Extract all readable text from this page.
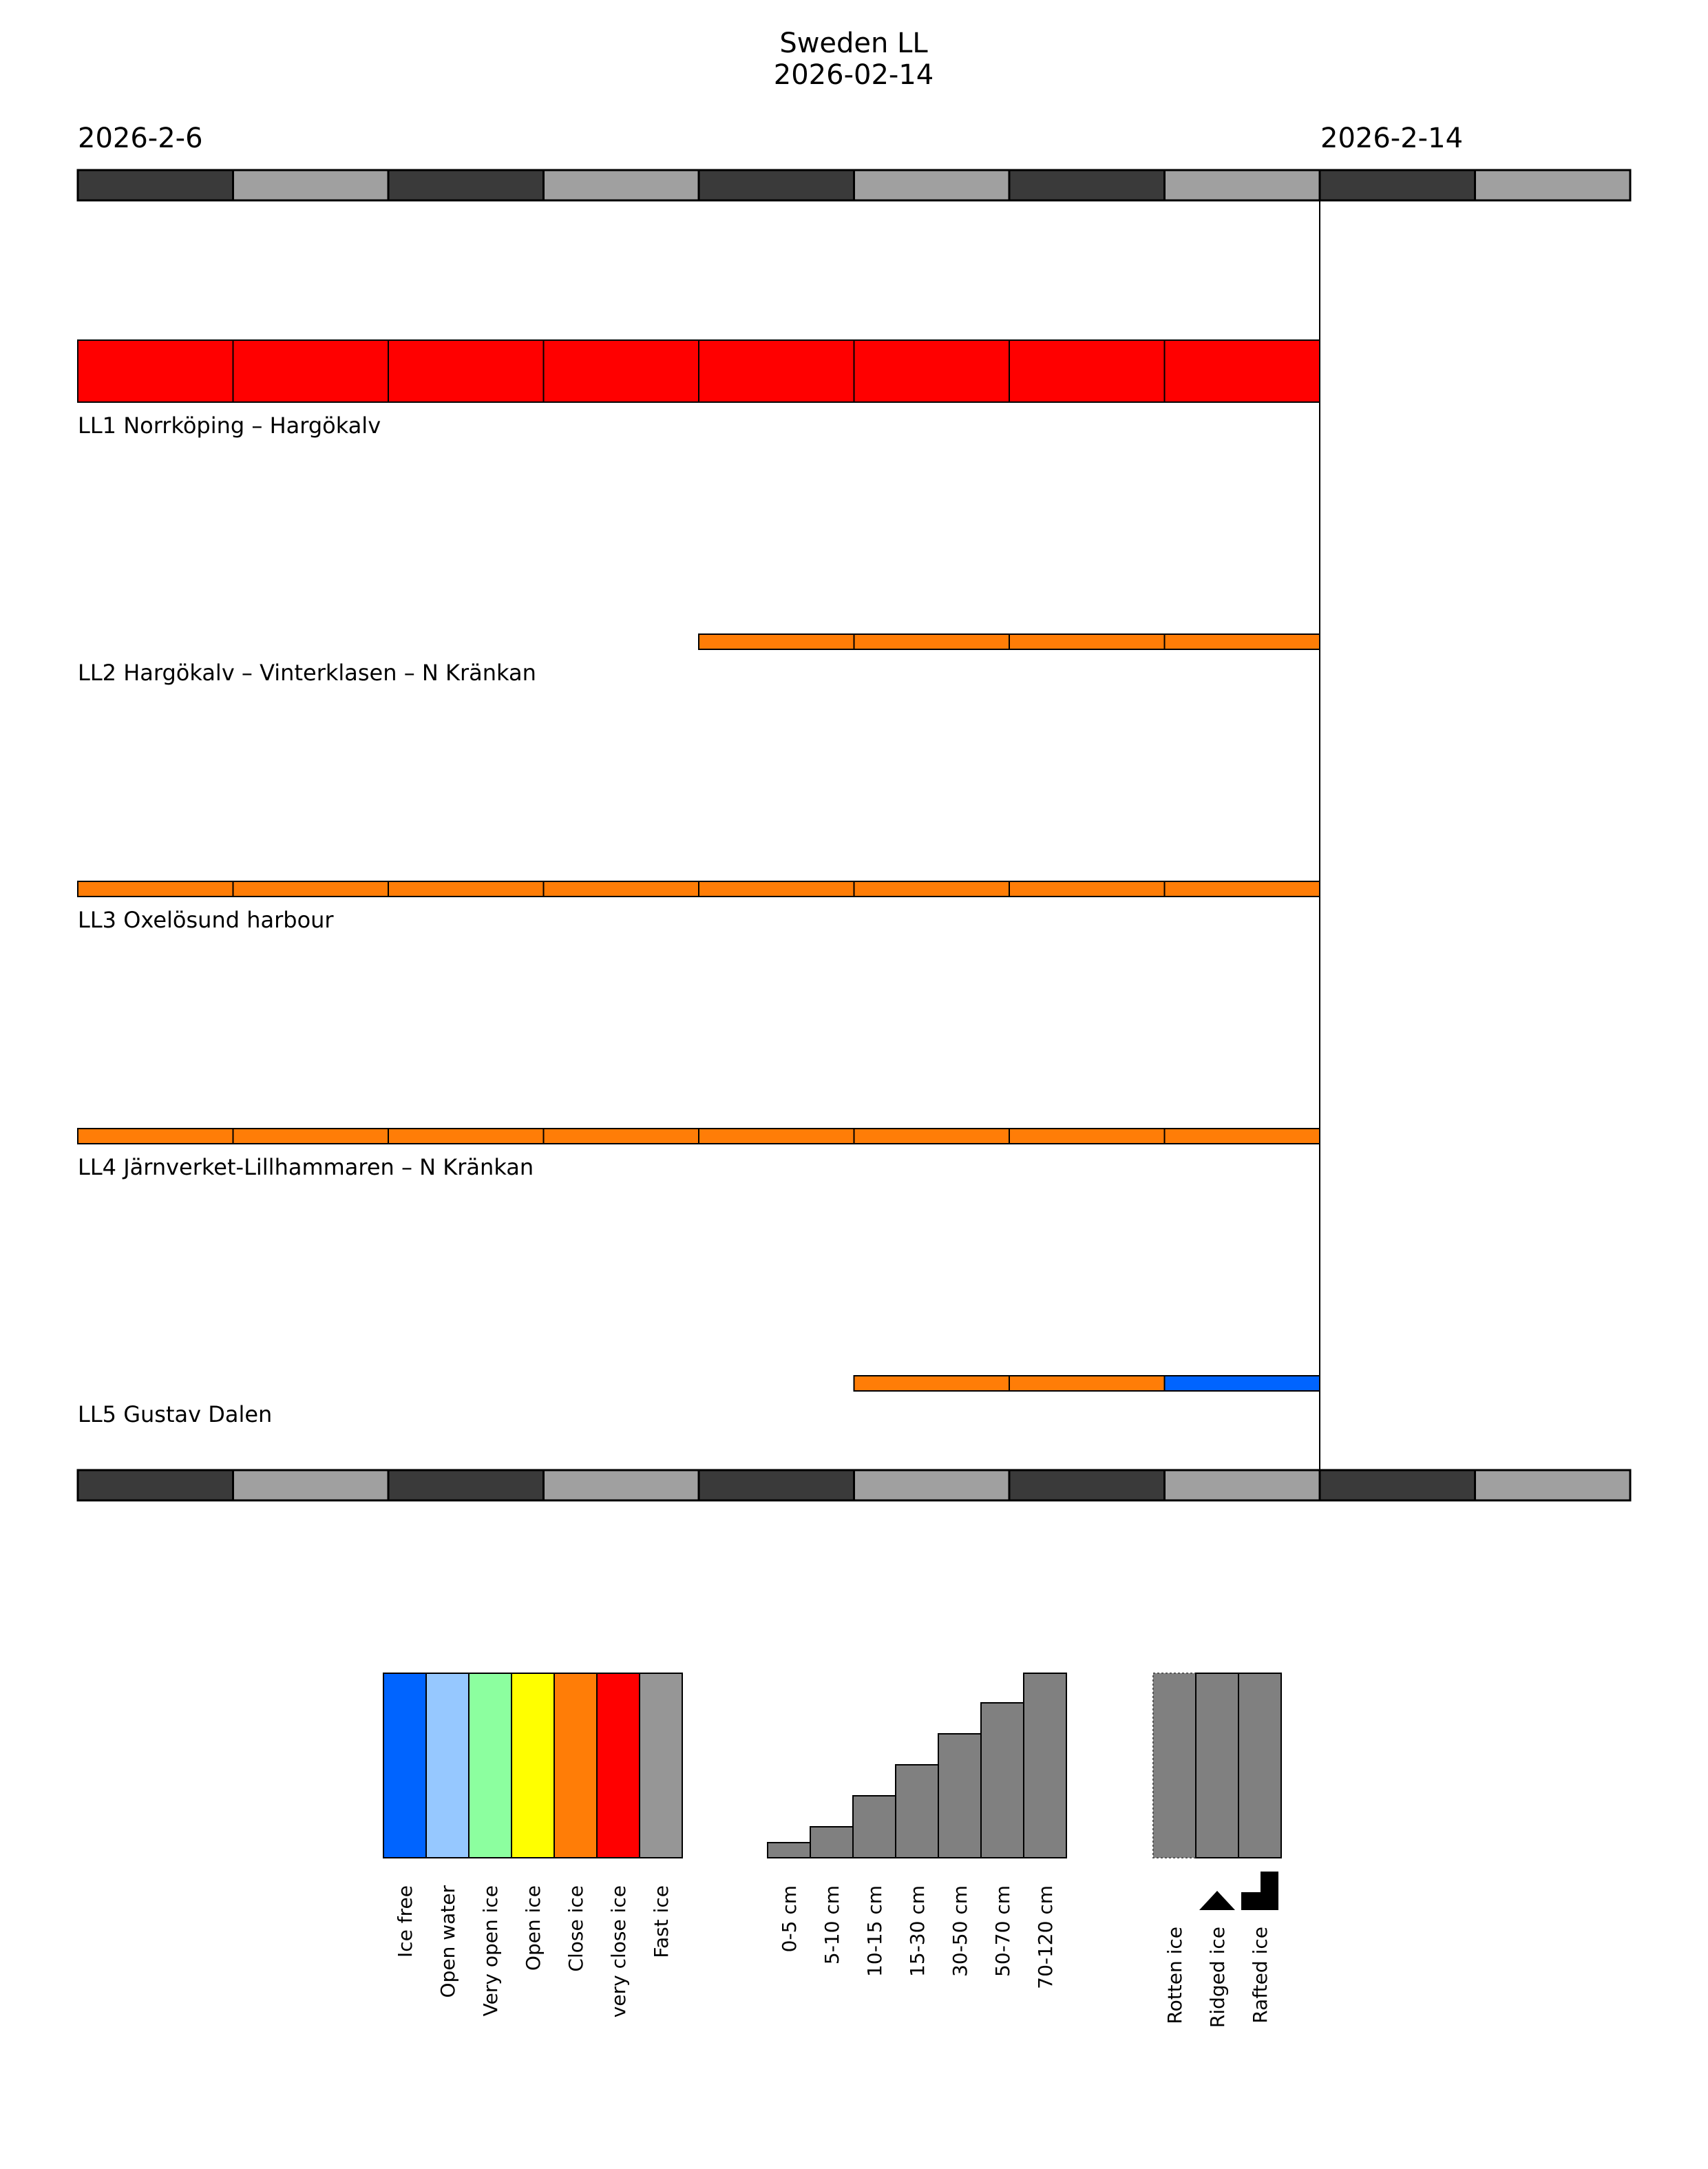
Sweden LL
2026-02-14
2026-2-6	2026-2-14
LL1 Norrköping – Hargökalv
LL2 Hargökalv – Vinterklasen – N Kränkan
LL3 Oxelösund harbour
LL4 Järnverket-Lillhammaren – N Kränkan
LL5 Gustav Dalen
Ice free Open water Very open ice Open ice Close ice very close ice Fast ice	0-5 cm 5-10 cm 10-15 cm 15-30 cm 30-50 cm 50-70 cm 70-120 cm	Rotten ice Ridged ice Rafted ice
